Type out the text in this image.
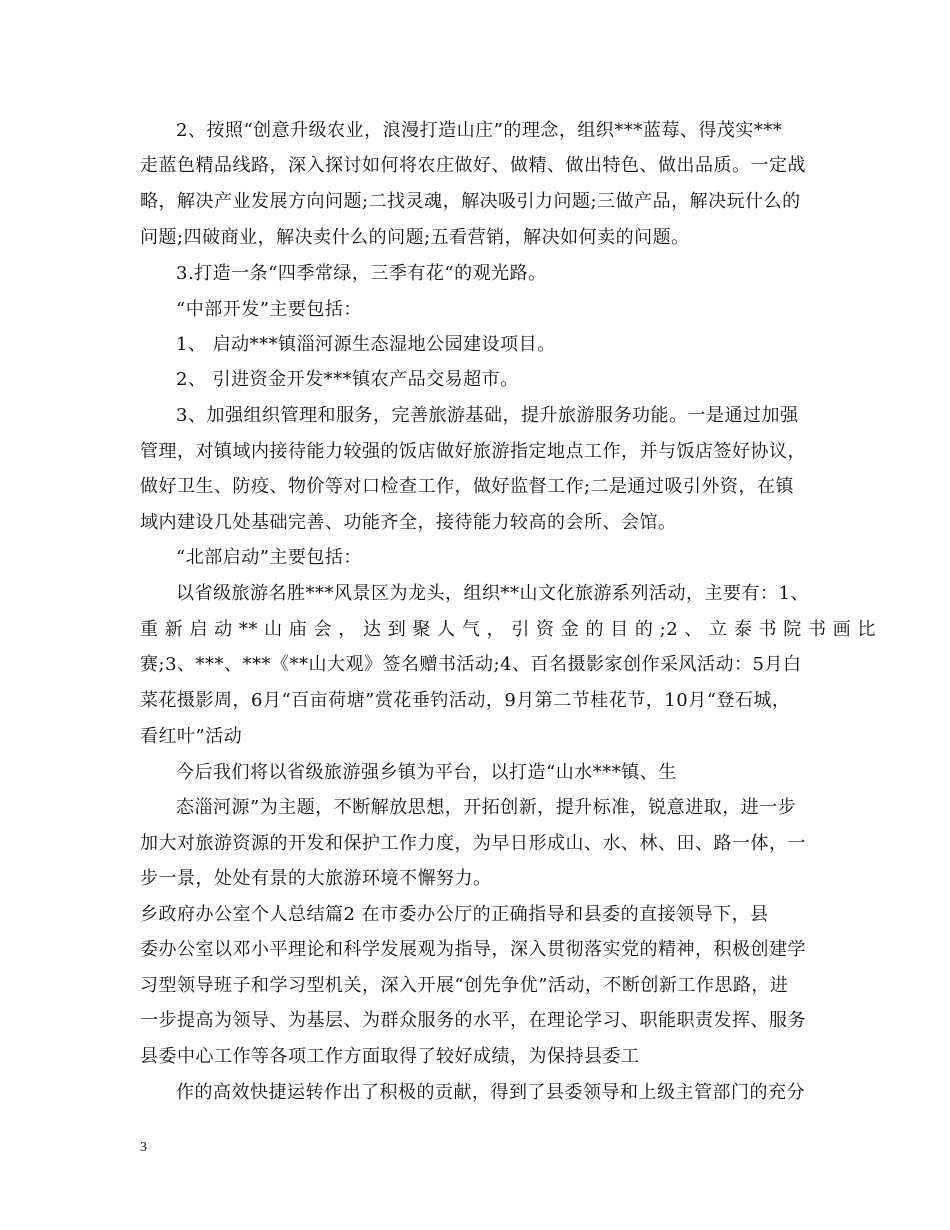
2、按照“创意升级农业，浪漫打造山庄”的理念，组织***蓝莓、得茂实***
走蓝色精品线路，深入探讨如何将农庄做好、做精、做出特色、做出品质。一定战
略，解决产业发展方向问题;二找灵魂，解决吸引力问题;三做产品，解决玩什么的
问题;四破商业，解决卖什么的问题;五看营销，解决如何卖的问题。
3.打造一条“四季常绿，三季有花“的观光路。
“中部开发”主要包括：
1、 启动***镇淄河源生态湿地公园建设项目。
2、 引进资金开发***镇农产品交易超市。
3、加强组织管理和服务，完善旅游基础，提升旅游服务功能。一是通过加强
管理，对镇域内接待能力较强的饭店做好旅游指定地点工作，并与饭店签好协议，
做好卫生、防疫、物价等对口检查工作，做好监督工作;二是通过吸引外资，在镇
域内建设几处基础完善、功能齐全，接待能力较高的会所、会馆。
“北部启动”主要包括：
以省级旅游名胜***风景区为龙头，组织**山文化旅游系列活动，主要有：1、
重 新 启 动 ** 山 庙 会 ， 达 到 聚 人 气 ， 引 资 金 的 目 的 ;2 、 立 泰 书 院 书 画 比
赛;3、***、***《**山大观》签名赠书活动;4、百名摄影家创作采风活动：5月白
菜花摄影周，6月“百亩荷塘”赏花垂钓活动，9月第二节桂花节，10月“登石城，
看红叶”活动
今后我们将以省级旅游强乡镇为平台，以打造“山水***镇、生
态淄河源”为主题，不断解放思想，开拓创新，提升标准，锐意进取，进一步
加大对旅游资源的开发和保护工作力度，为早日形成山、水、林、田、路一体，一
步一景，处处有景的大旅游环境不懈努力。
乡政府办公室个人总结篇2 在市委办公厅的正确指导和县委的直接领导下，县
委办公室以邓小平理论和科学发展观为指导，深入贯彻落实党的精神，积极创建学
习型领导班子和学习型机关，深入开展“创先争优”活动，不断创新工作思路，进
一步提高为领导、为基层、为群众服务的水平，在理论学习、职能职责发挥、服务
县委中心工作等各项工作方面取得了较好成绩，为保持县委工
作的高效快捷运转作出了积极的贡献，得到了县委领导和上级主管部门的充分
3
